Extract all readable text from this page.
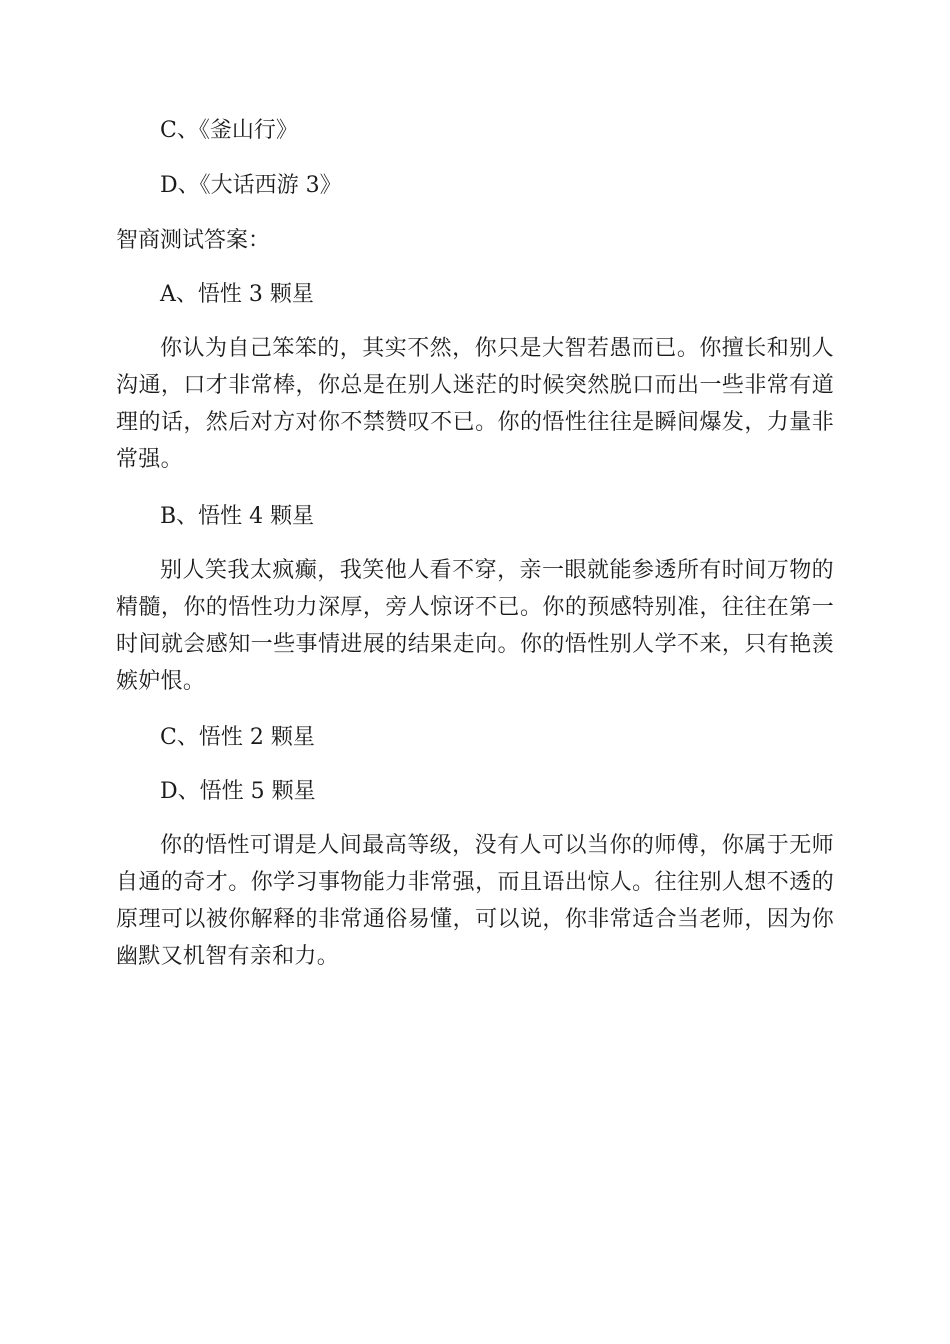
C、《釜山行》
D、《大话西游 3》
智商测试答案：
A、悟性 3 颗星
你认为自己笨笨的，其实不然，你只是大智若愚而已。你擅长和别人沟通，口才非常棒，你总是在别人迷茫的时候突然脱口而出一些非常有道理的话，然后对方对你不禁赞叹不已。你的悟性往往是瞬间爆发，力量非常强。
B、悟性 4 颗星
别人笑我太疯癫，我笑他人看不穿，亲一眼就能参透所有时间万物的精髓，你的悟性功力深厚，旁人惊讶不已。你的预感特别准，往往在第一时间就会感知一些事情进展的结果走向。你的悟性别人学不来，只有艳羡嫉妒恨。
C、悟性 2 颗星
D、悟性 5 颗星
你的悟性可谓是人间最高等级，没有人可以当你的师傅，你属于无师自通的奇才。你学习事物能力非常强，而且语出惊人。往往别人想不透的原理可以被你解释的非常通俗易懂，可以说，你非常适合当老师，因为你幽默又机智有亲和力。
